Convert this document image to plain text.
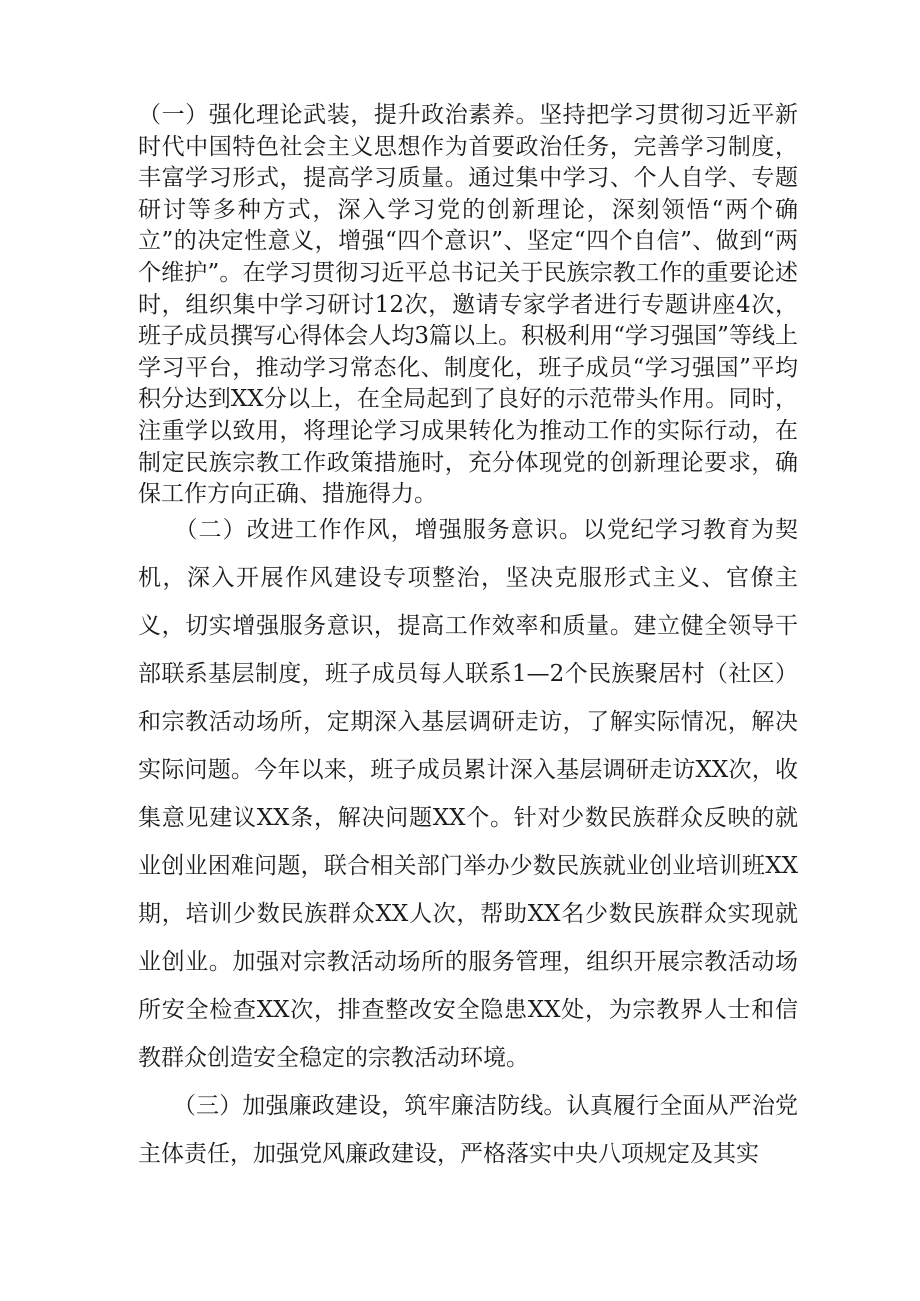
（一）强化理论武装，提升政治素养。坚持把学习贯彻习近平新时代中国特色社会主义思想作为首要政治任务，完善学习制度，丰富学习形式，提高学习质量。通过集中学习、个人自学、专题研讨等多种方式，深入学习党的创新理论，深刻领悟“两个确立”的决定性意义，增强“四个意识”、坚定“四个自信”、做到“两个维护”。在学习贯彻习近平总书记关于民族宗教工作的重要论述时，组织集中学习研讨12次，邀请专家学者进行专题讲座4次，班子成员撰写心得体会人均3篇以上。积极利用“学习强国”等线上学习平台，推动学习常态化、制度化，班子成员“学习强国”平均积分达到XX分以上，在全局起到了良好的示范带头作用。同时，注重学以致用，将理论学习成果转化为推动工作的实际行动，在制定民族宗教工作政策措施时，充分体现党的创新理论要求，确保工作方向正确、措施得力。

　　（二）改进工作作风，增强服务意识。以党纪学习教育为契机，深入开展作风建设专项整治，坚决克服形式主义、官僚主义，切实增强服务意识，提高工作效率和质量。建立健全领导干部联系基层制度，班子成员每人联系1—2个民族聚居村（社区）和宗教活动场所，定期深入基层调研走访，了解实际情况，解决实际问题。今年以来，班子成员累计深入基层调研走访XX次，收集意见建议XX条，解决问题XX个。针对少数民族群众反映的就业创业困难问题，联合相关部门举办少数民族就业创业培训班XX期，培训少数民族群众XX人次，帮助XX名少数民族群众实现就业创业。加强对宗教活动场所的服务管理，组织开展宗教活动场所安全检查XX次，排查整改安全隐患XX处，为宗教界人士和信教群众创造安全稳定的宗教活动环境。

　　（三）加强廉政建设，筑牢廉洁防线。认真履行全面从严治党主体责任，加强党风廉政建设，严格落实中央八项规定及其实
